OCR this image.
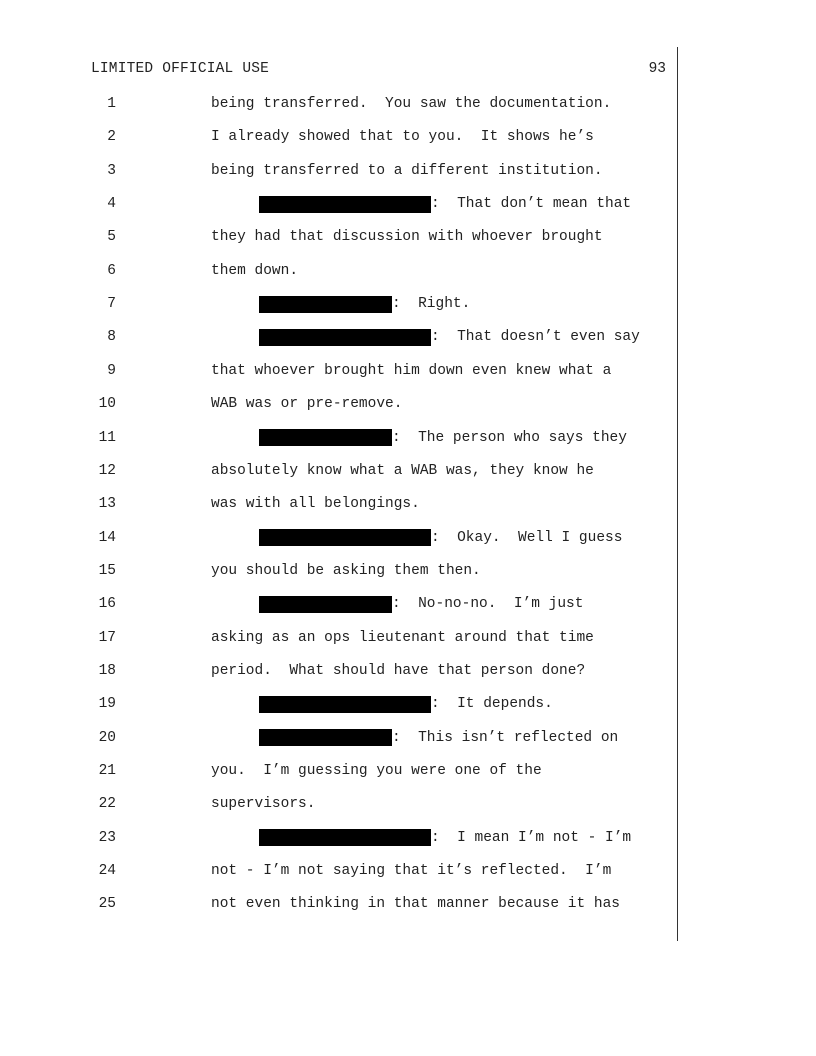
LIMITED OFFICIAL USE	93
1	being transferred.  You saw the documentation.
2	I already showed that to you.  It shows he’s
3	being transferred to a different institution.
4	:  That don’t mean that
5	they had that discussion with whoever brought
6	them down.
7	:  Right.
8	:  That doesn’t even say
9	that whoever brought him down even knew what a
10	WAB was or pre-remove.
11	:  The person who says they
12	absolutely know what a WAB was, they know he
13	was with all belongings.
14	:  Okay.  Well I guess
15	you should be asking them then.
16	:  No-no-no.  I’m just
17	asking as an ops lieutenant around that time
18	period.  What should have that person done?
19	:  It depends.
20	:  This isn’t reflected on
21	you.  I’m guessing you were one of the
22	supervisors.
23	:  I mean I’m not - I’m
24	not - I’m not saying that it’s reflected.  I’m
25	not even thinking in that manner because it has
